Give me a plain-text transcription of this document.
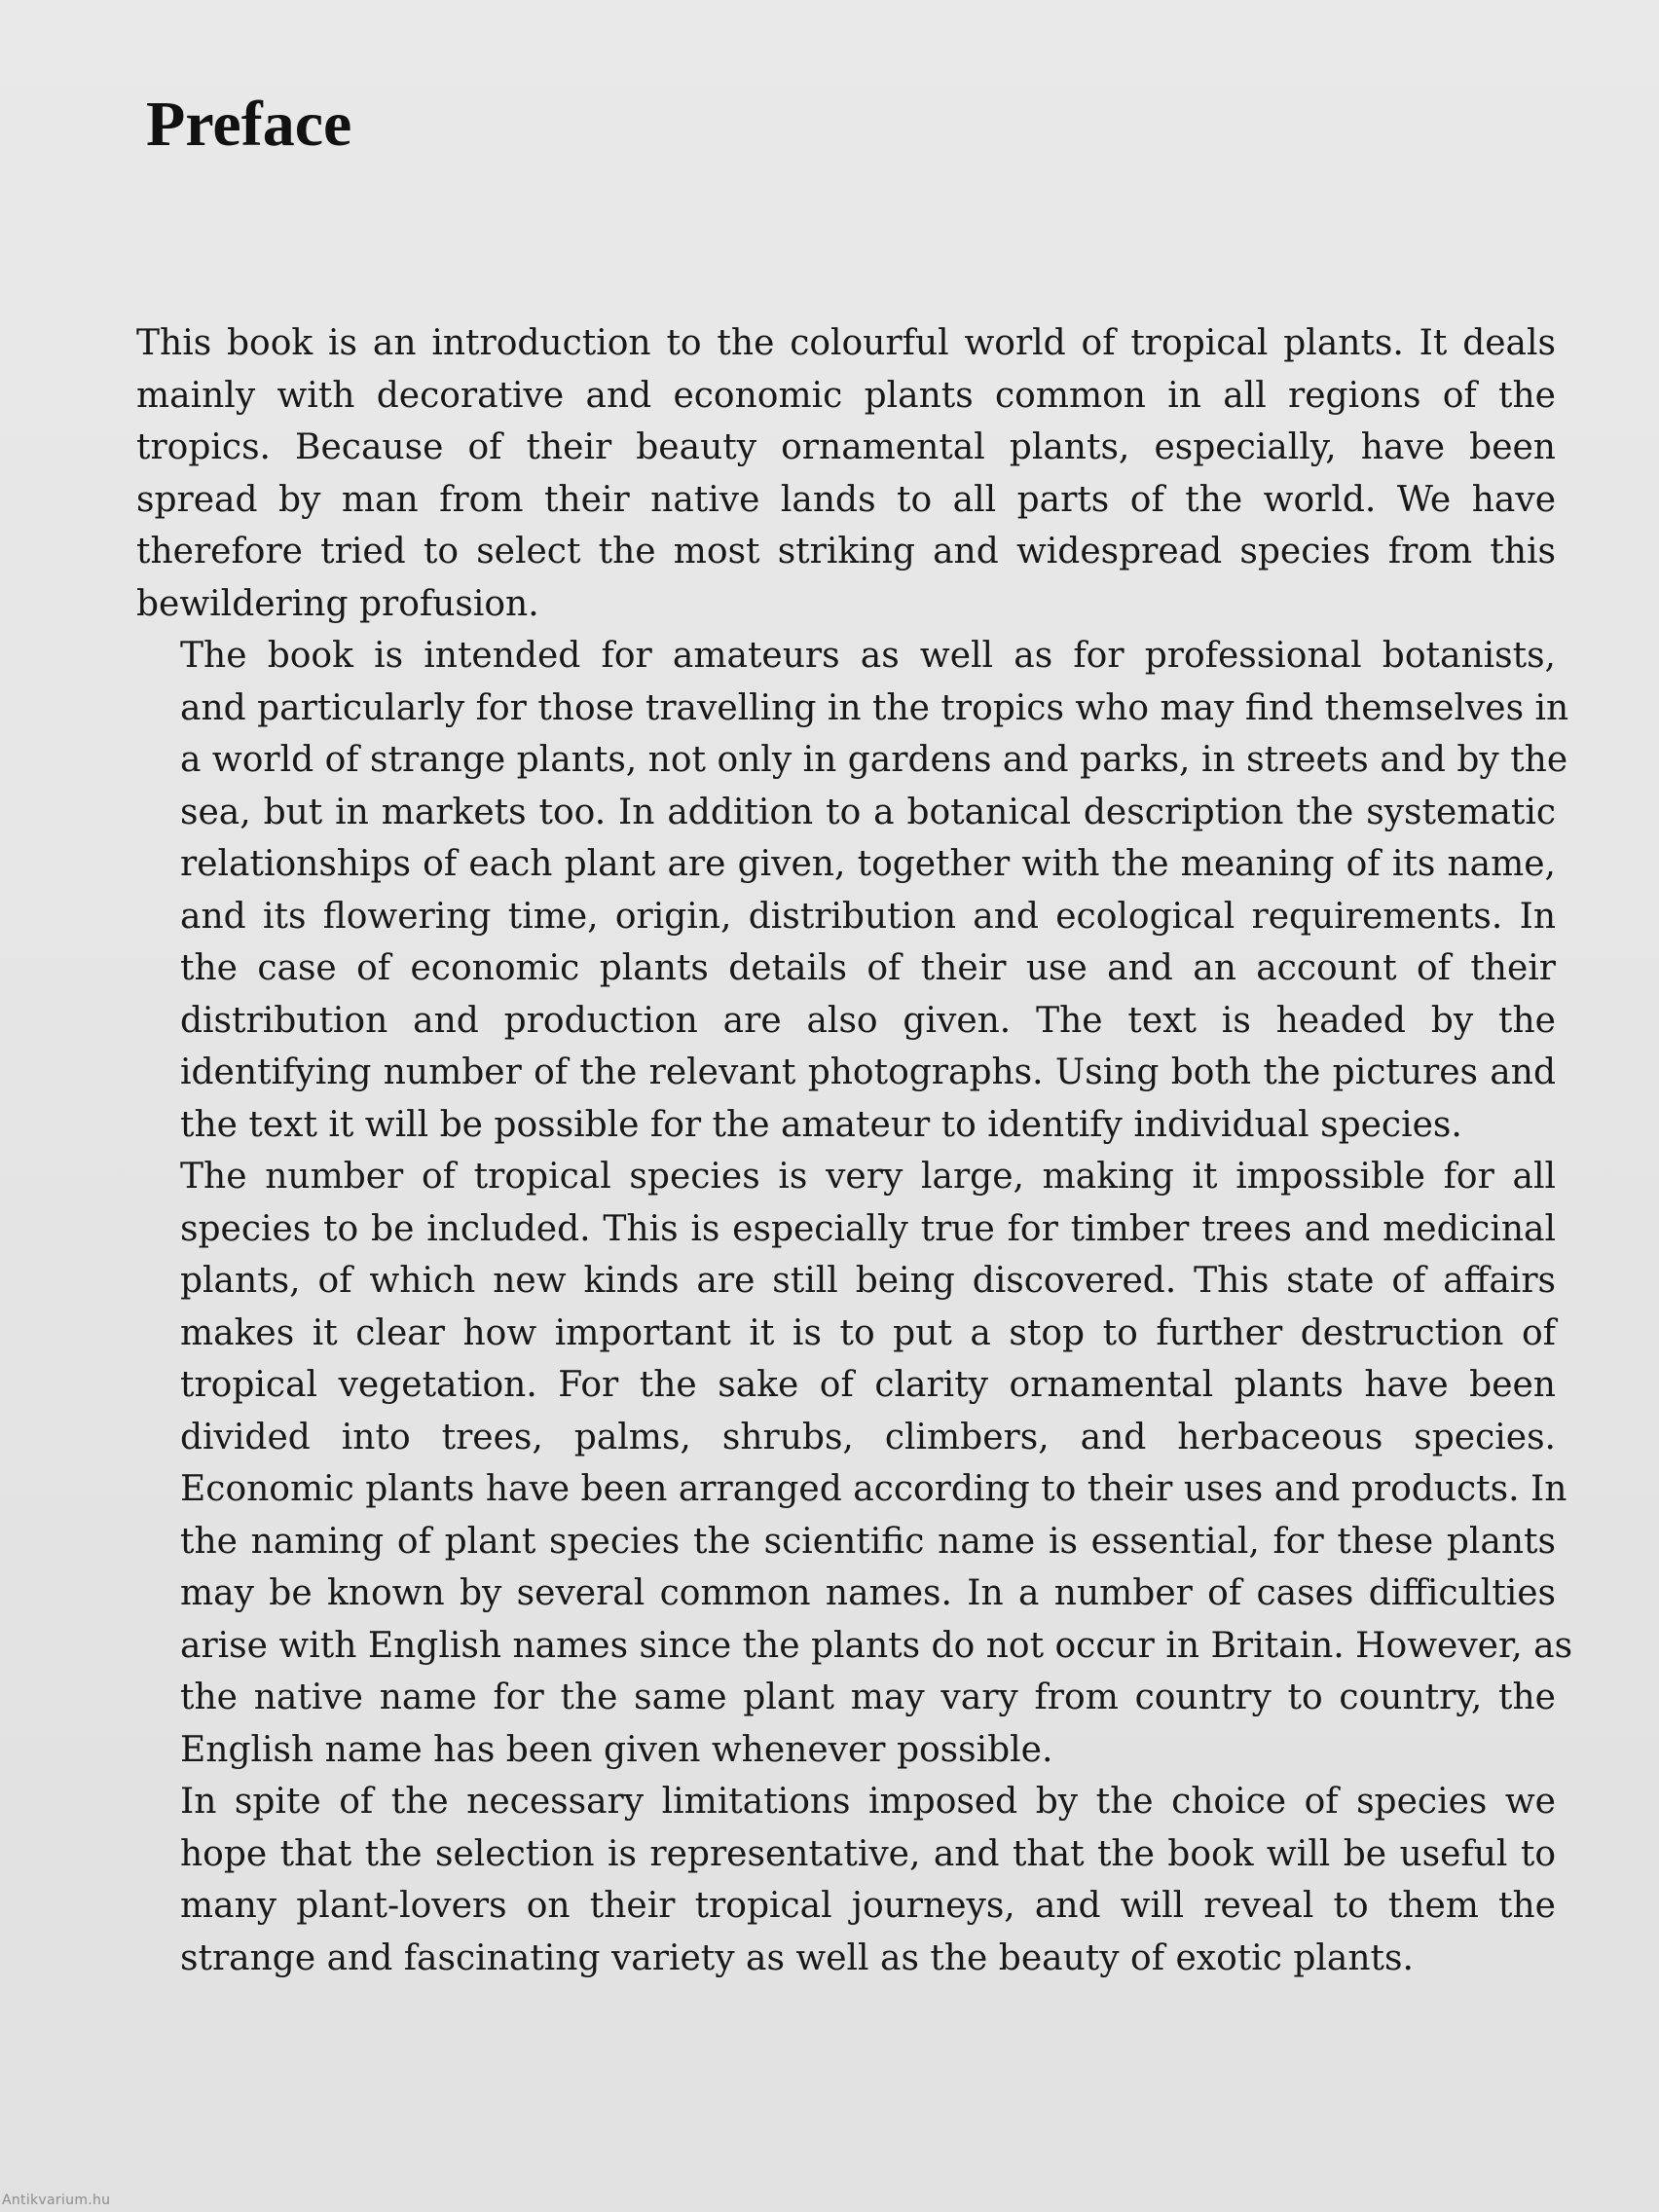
Preface

This book is an introduction to the colourful world of tropical plants. It deals
mainly with decorative and economic plants common in all regions of the
tropics. Because of their beauty ornamental plants, especially, have been
spread by man from their native lands to all parts of the world. We have
therefore tried to select the most striking and widespread species from this
bewildering profusion.

The book is intended for amateurs as well as for professional botanists,
and particularly for those travelling in the tropics who may find themselves in
a world of strange plants, not only in gardens and parks, in streets and by the
sea, but in markets too. In addition to a botanical description the systematic
relationships of each plant are given, together with the meaning of its name,
and its flowering time, origin, distribution and ecological requirements. In
the case of economic plants details of their use and an account of their
distribution and production are also given. The text is headed by the
identifying number of the relevant photographs. Using both the pictures and
the text it will be possible for the amateur to identify individual species.

The number of tropical species is very large, making it impossible for all
species to be included. This is especially true for timber trees and medicinal
plants, of which new kinds are still being discovered. This state of affairs
makes it clear how important it is to put a stop to further destruction of
tropical vegetation. For the sake of clarity ornamental plants have been
divided into trees, palms, shrubs, climbers, and herbaceous species.
Economic plants have been arranged according to their uses and products. In
the naming of plant species the scientific name is essential, for these plants
may be known by several common names. In a number of cases difficulties
arise with English names since the plants do not occur in Britain. However, as
the native name for the same plant may vary from country to country, the
English name has been given whenever possible.

In spite of the necessary limitations imposed by the choice of species we
hope that the selection is representative, and that the book will be useful to
many plant-lovers on their tropical journeys, and will reveal to them the
strange and fascinating variety as well as the beauty of exotic plants.

Antikvarium.hu
